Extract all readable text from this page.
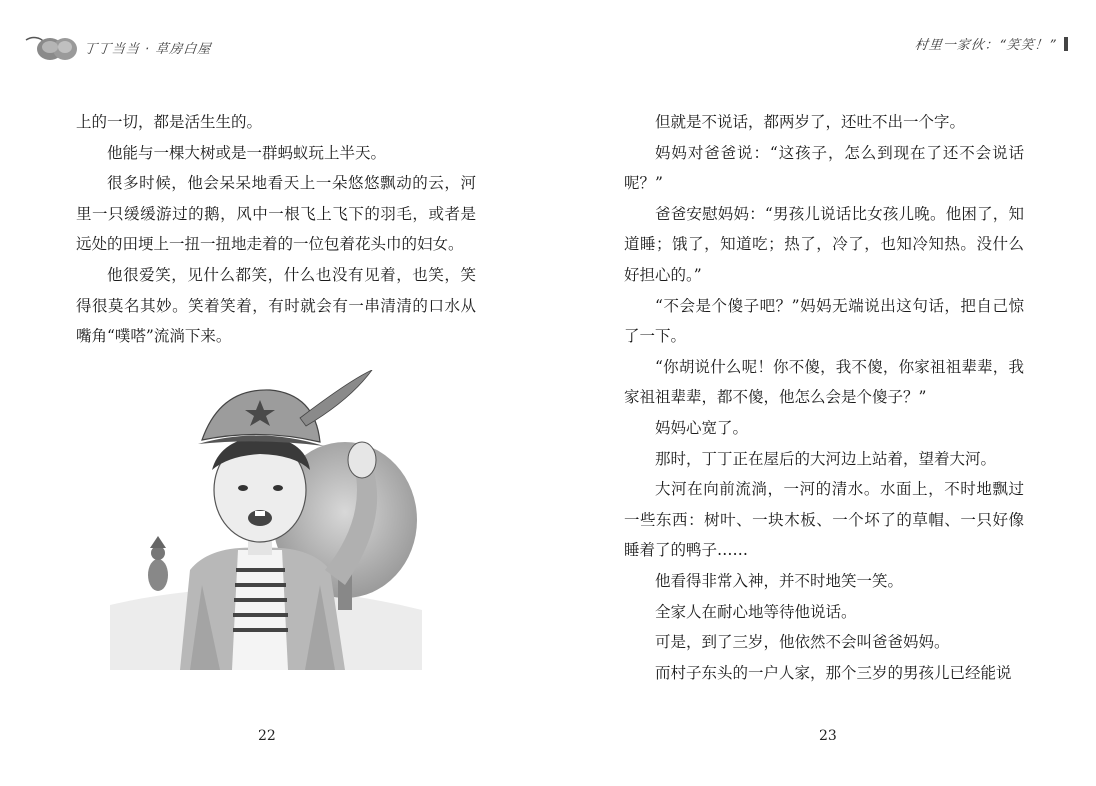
丁丁当当 · 草房白屋

上的一切，都是活生生的。

他能与一棵大树或是一群蚂蚁玩上半天。

很多时候，他会呆呆地看天上一朵悠悠飘动的云，河里一只缓缓游过的鹅，风中一根飞上飞下的羽毛，或者是远处的田埂上一扭一扭地走着的一位包着花头巾的妇女。

他很爱笑，见什么都笑，什么也没有见着，也笑，笑得很莫名其妙。笑着笑着，有时就会有一串清清的口水从嘴角“噗嗒”流淌下来。

22
村里一家伙：“笑笑！”

但就是不说话，都两岁了，还吐不出一个字。

妈妈对爸爸说：“这孩子，怎么到现在了还不会说话呢？”

爸爸安慰妈妈：“男孩儿说话比女孩儿晚。他困了，知道睡；饿了，知道吃；热了，冷了，也知冷知热。没什么好担心的。”

“不会是个傻子吧？”妈妈无端说出这句话，把自己惊了一下。

“你胡说什么呢！你不傻，我不傻，你家祖祖辈辈，我家祖祖辈辈，都不傻，他怎么会是个傻子？”

妈妈心宽了。

那时，丁丁正在屋后的大河边上站着，望着大河。

大河在向前流淌，一河的清水。水面上，不时地飘过一些东西：树叶、一块木板、一个坏了的草帽、一只好像睡着了的鸭子……

他看得非常入神，并不时地笑一笑。

全家人在耐心地等待他说话。

可是，到了三岁，他依然不会叫爸爸妈妈。

而村子东头的一户人家，那个三岁的男孩儿已经能说

23
